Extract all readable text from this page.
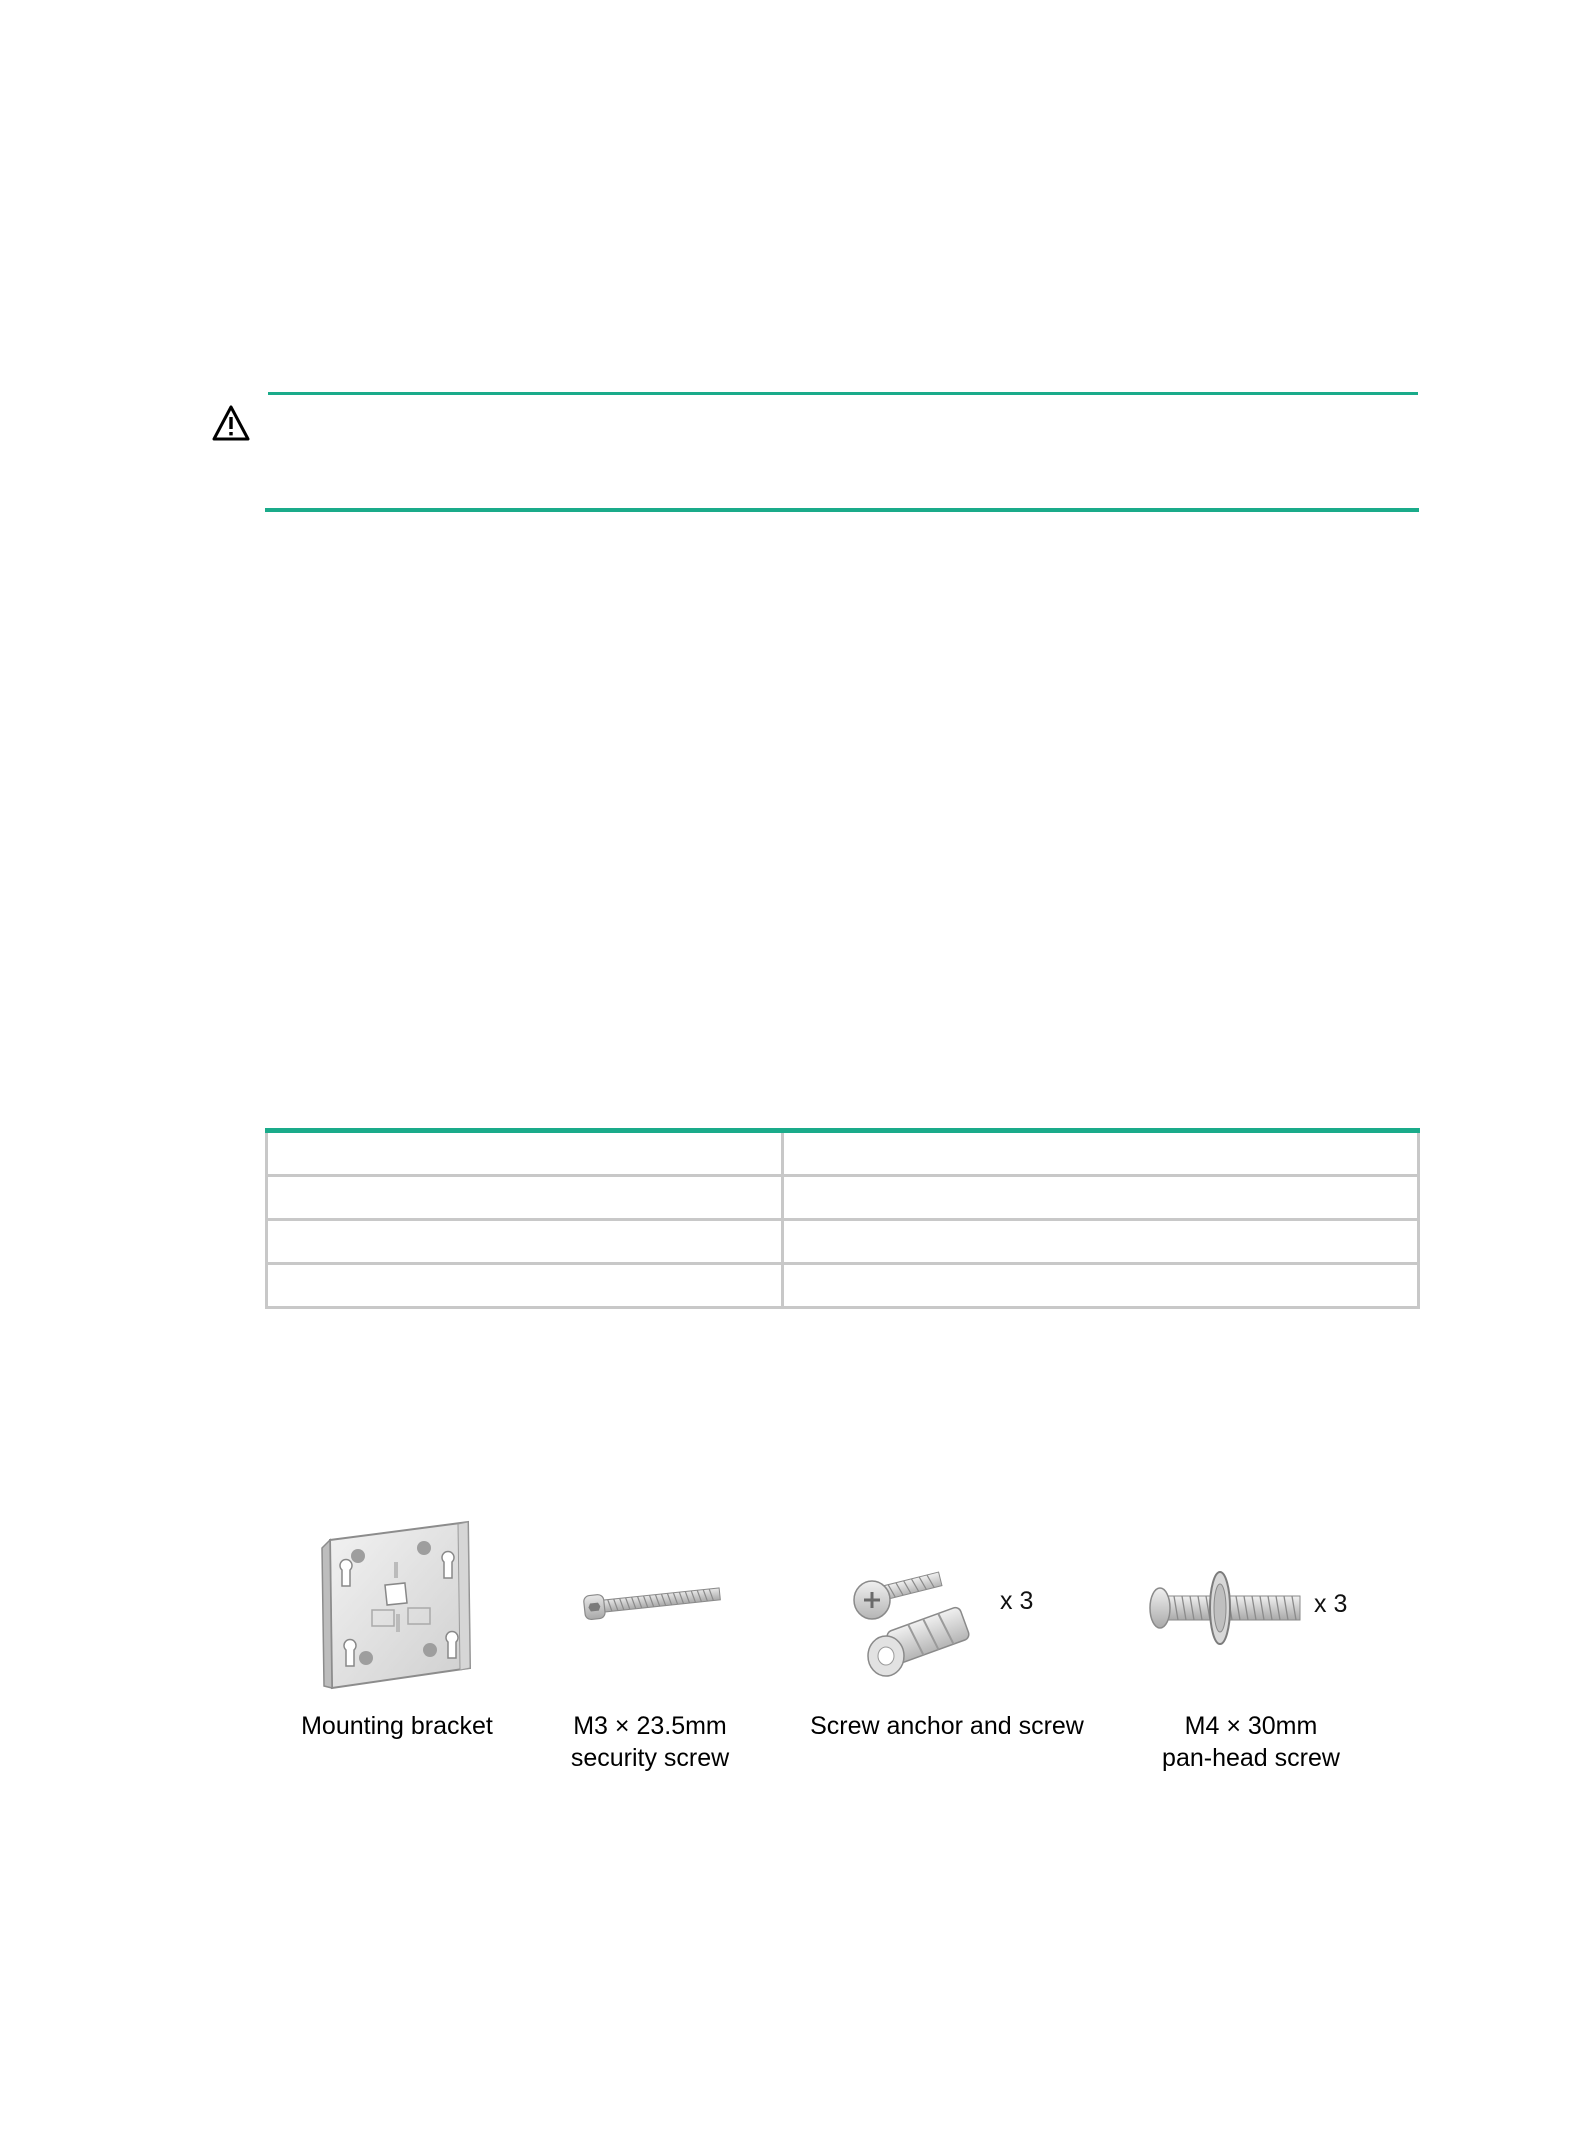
Mounting bracket	M3 × 23.5mm
security screw
x 3
Screw anchor and screw
x 3
M4 × 30mm
pan-head screw
